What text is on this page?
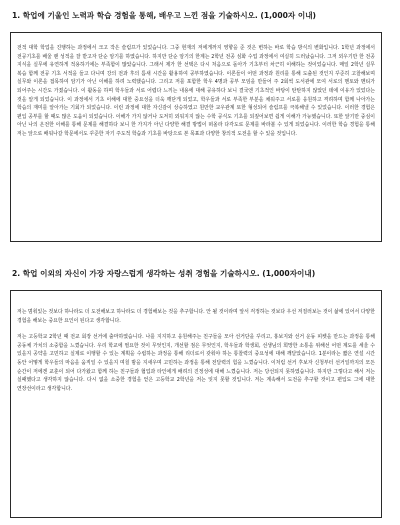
1. 학업에 기울인 노력과 학습 경험을 통해, 배우고 느낀 점을 기술하시오. (1,000자 이내)

전적 대학 학업을 진행하는 과정에서 크고 작은 슬럼프가 있었습니다. 그중 현재의 저에게까지 영향을 준 것은 변하는 바로 학습 방식의 변화입니다. 1학년 과정에서 전공기초를 배울 땐 성적을 잘 받고자 단순 암기를 하였습니다. 하지만 단순 암기의 한계는 2학년 전공 심화 수업 과정에서 여실히 드러났습니다. 그저 외우기만 한 전공 지식을 실무에 유연하게 적용하기에는 부족함이 많았습니다. 그래서 제가 한 선택은 다시 처음으로 돌아가 기초부터 차근히 이해하는 것이었습니다. 매일 2학년 실무 복습 함께 전공 기초 서적을 들고 다니며 강의 전과 후의 틈새 시간을 활용하여 공부하였습니다. 이론들이 어떤 과정과 원리를 통해 도출된 것인지 꾸준히 고찰해보며 실무와 이론을 접목하여 암기가 아닌 이해를 하려 노력했습니다. 그리고 저를 포함한 학우 4명과 공부 모임을 만들어 주 2회씩 도서관에 모여 서로의 멘토와 멘티가 되어주는 시간도 가졌습니다. 이 활동을 하며 학우들과 서로 어렵다 느끼는 내용에 대해 공유하다 보니 결국엔 기초적인 바탕이 탄탄하지 않았던 데에 이유가 있었다는 것을 알게 되었습니다. 이 과정에서 기초 이해에 대한 중요성을 더욱 깨닫게 되었고, 학우들과 서로 부족한 부분을 채워주고 서로를 응원하고 격려하며 함께 나아가는 학습의 재미를 알아가는 기회가 되었습니다. 이런 과정에 대한 자신감이 상승하였고 원만한 교우관계 또한 형성되어 슬럼프를 극복해낼 수 있었습니다. 이러한 경험은 편입 공부를 할 때도 많은 도움이 되었습니다. 이해가 가지 않거나 도저히 외워지지 않는 수학 공식도 기초를 되짚어보면 쉽게 이해가 가능했습니다. 또한 앞기만 중심이 아닌 나의 온전한 이해를 통해 문제를 해결하다 보니 한 가지가 아닌 다양한 해결 방법이 떠올라 다각도로 문제를 바라볼 수 있게 되었습니다. 이러한 학습 경험을 통해 저는 앞으로 배워나갈 학문에서도 꾸준한 자기 주도적 학습과 기초를 바탕으로 본 목표과 다양한 창의적 도전을 할 수 있을 것입니다.

2. 학업 이외의 자신이 가장 자랑스럽게 생각하는 성취 경험을 기술하시오. (1,000자이내)

저는 멈춰있는 것보다 하나라도 더 도전해보고 하나라도 더 경험해보는 것을 추구합니다. 안 될 것이라며 앞서 걱정하는 것보다 우선 저질러보는 것이 삶에 있어서 다양한 경험을 해보는 중요한 요인이 된다고 생각합니다.

저는 고등학교 2학년 때 전교 회장 선거에 출마하였습니다. 나를 지지하고 응원해주는 친구들을 모아 선거단을 꾸리고, 홍보지와 선거 운동 피켓을 만드는 과정을 통해 공동체 가치의 소중함을 느꼈습니다. 우리 학교에 필요한 것이 무엇인지, 개선할 점은 무엇인지, 학우들과 학생회, 선생님의 희망한 소통을 위해선 어떤 계도를 세울 수 있을지 공약을 고민하고 실제로 이행할 수 있는 계획을 수립하는 과정을 통해 리더로서 갖춰야 하는 통찰력의 중요성에 대해 깨달았습니다. 1분이라는 짧은 연설 시간 동안 어떻게 학우들의 마음을 움직일 수 있을지 며칠 밤을 지새우며 고민하는 과정을 통해 전달력의 힘을 느꼈습니다. 이처럼 선거 후보자 신청부터 선거일까지의 모든 순간이 저에겐 교훈이 되어 다가왔고 함께 하는 친구들과 협업과 타인에게 배려의 진정성에 대해 느꼈습니다. 저는 당선되지 못하였습니다. 하지만 그렇다고 해서 저는 실패했다고 생각하지 않습니다. 다시 없을 소중한 경험을 얻은 고등학교 2학년을 저는 잊지 못할 것입니다. 저는 계속해서 도전을 추구할 것이고 편입도 그에 대한 연장선이라고 생각합니다.
